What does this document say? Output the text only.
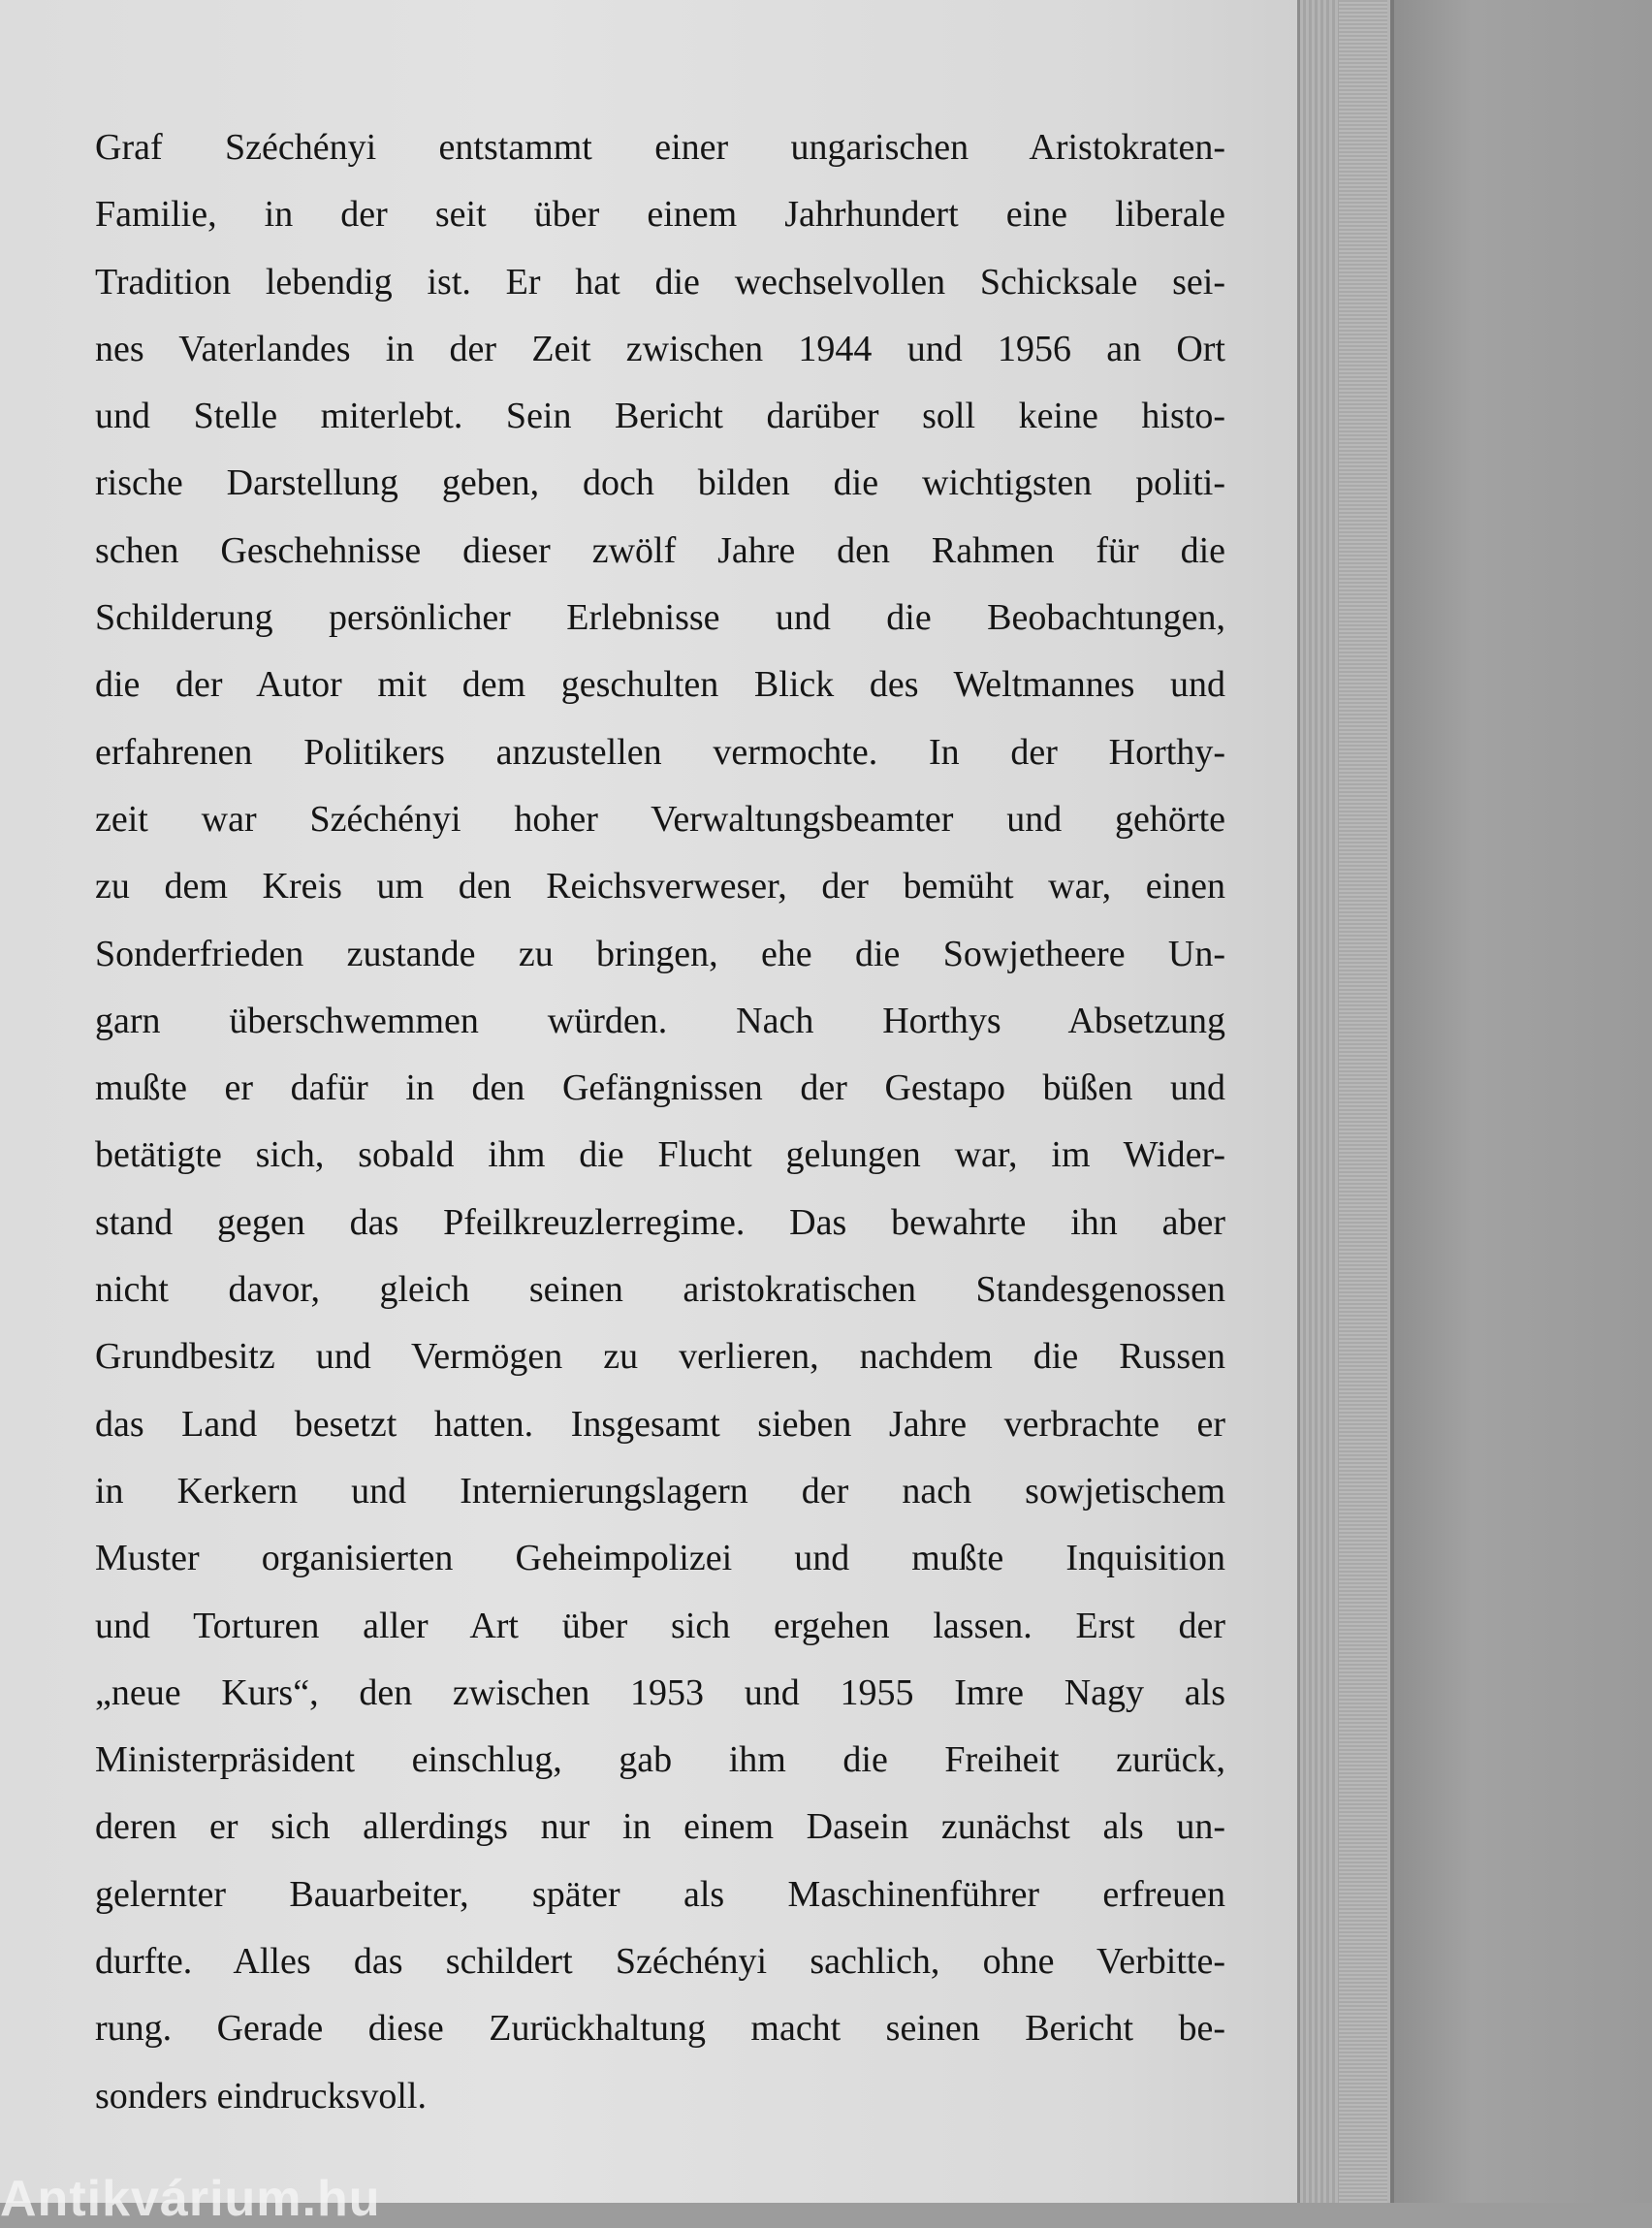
Graf Széchényi entstammt einer ungarischen Aristokraten-
Familie, in der seit über einem Jahrhundert eine liberale
Tradition lebendig ist. Er hat die wechselvollen Schicksale sei-
nes Vaterlandes in der Zeit zwischen 1944 und 1956 an Ort
und Stelle miterlebt. Sein Bericht darüber soll keine histo-
rische Darstellung geben, doch bilden die wichtigsten politi-
schen Geschehnisse dieser zwölf Jahre den Rahmen für die
Schilderung persönlicher Erlebnisse und die Beobachtungen,
die der Autor mit dem geschulten Blick des Weltmannes und
erfahrenen Politikers anzustellen vermochte. In der Horthy-
zeit war Széchényi hoher Verwaltungsbeamter und gehörte
zu dem Kreis um den Reichsverweser, der bemüht war, einen
Sonderfrieden zustande zu bringen, ehe die Sowjetheere Un-
garn überschwemmen würden. Nach Horthys Absetzung
mußte er dafür in den Gefängnissen der Gestapo büßen und
betätigte sich, sobald ihm die Flucht gelungen war, im Wider-
stand gegen das Pfeilkreuzlerregime. Das bewahrte ihn aber
nicht davor, gleich seinen aristokratischen Standesgenossen
Grundbesitz und Vermögen zu verlieren, nachdem die Russen
das Land besetzt hatten. Insgesamt sieben Jahre verbrachte er
in Kerkern und Internierungslagern der nach sowjetischem
Muster organisierten Geheimpolizei und mußte Inquisition
und Torturen aller Art über sich ergehen lassen. Erst der
„neue Kurs“, den zwischen 1953 und 1955 Imre Nagy als
Ministerpräsident einschlug, gab ihm die Freiheit zurück,
deren er sich allerdings nur in einem Dasein zunächst als un-
gelernter Bauarbeiter, später als Maschinenführer erfreuen
durfte. Alles das schildert Széchényi sachlich, ohne Verbitte-
rung. Gerade diese Zurückhaltung macht seinen Bericht be-
sonders eindrucksvoll.
Antikvárium.hu
